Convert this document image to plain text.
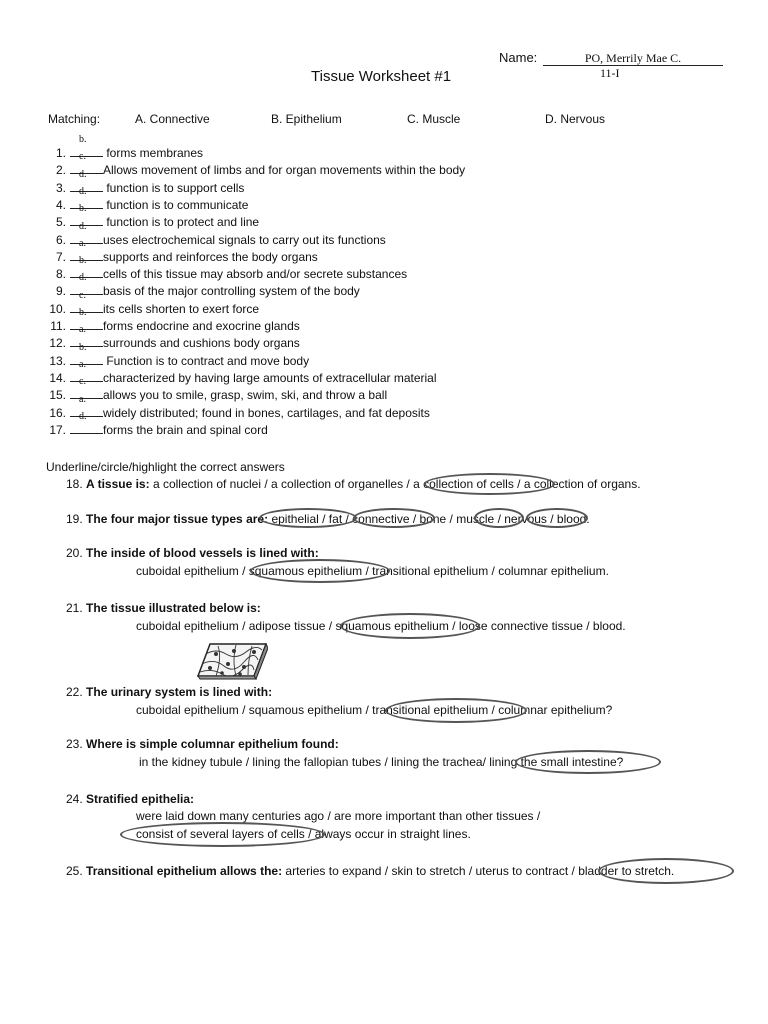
Name:	PO, Merrily Mae C.
11-I
Tissue Worksheet #1
Matching:	A. Connective	B. Epithelium	C. Muscle	D. Nervous
1.
b.
forms membranes
2.
c.
Allows movement of limbs and for organ movements within the body
3.
d.
function is to support cells
4.
d.
function is to communicate
5.
b.
function is to protect and line
6.
d.
uses electrochemical signals to carry out its functions
7.
a.
supports and reinforces the body organs
8.
b.
cells of this tissue may absorb and/or secrete substances
9.
d.
basis of the major controlling system of the body
10.
c.
its cells shorten to exert force
11.
b.
forms endocrine and exocrine glands
12.
a.
surrounds and cushions body organs
13.
b.
Function is to contract and move body
14.
a.
characterized by having large amounts of extracellular material
15.
c.
allows you to smile, grasp, swim, ski, and throw a ball
16.
a.
widely distributed; found in bones, cartilages, and fat deposits
17.
d.
forms the brain and spinal cord
Underline/circle/highlight the correct answers
18. A tissue is: a collection of nuclei / a collection of organelles / a collection of cells / a collection of organs.
19. The four major tissue types are: epithelial / fat / connective / bone / muscle / nervous / blood.
20. The inside of blood vessels is lined with:
cuboidal epithelium / squamous epithelium / transitional epithelium / columnar epithelium.
21. The tissue illustrated below is:
cuboidal epithelium / adipose tissue / squamous epithelium / loose connective tissue / blood.
22. The urinary system is lined with:
cuboidal epithelium / squamous epithelium / transitional epithelium / columnar epithelium?
23. Where is simple columnar epithelium found:
in the kidney tubule / lining the fallopian tubes / lining the trachea/ lining the small intestine?
24. Stratified epithelia:
were laid down many centuries ago / are more important than other tissues /
consist of several layers of cells / always occur in straight lines.
25. Transitional epithelium allows the: arteries to expand / skin to stretch / uterus to contract / bladder to stretch.
